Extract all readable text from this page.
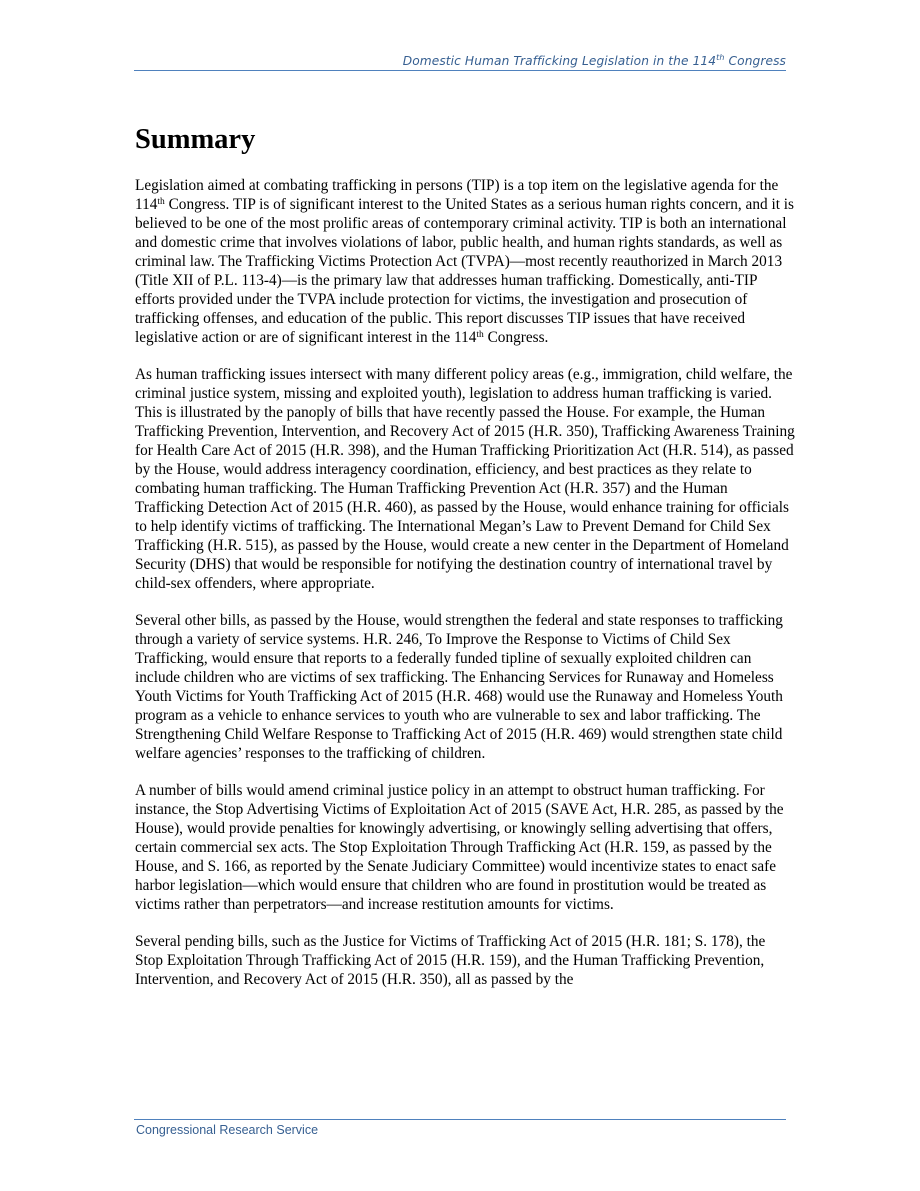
Domestic Human Trafficking Legislation in the 114th Congress
Summary

Legislation aimed at combating trafficking in persons (TIP) is a top item on the legislative agenda for the 114th Congress. TIP is of significant interest to the United States as a serious human rights concern, and it is believed to be one of the most prolific areas of contemporary criminal activity. TIP is both an international and domestic crime that involves violations of labor, public health, and human rights standards, as well as criminal law. The Trafficking Victims Protection Act (TVPA)—most recently reauthorized in March 2013 (Title XII of P.L. 113-4)—is the primary law that addresses human trafficking. Domestically, anti-TIP efforts provided under the TVPA include protection for victims, the investigation and prosecution of trafficking offenses, and education of the public. This report discusses TIP issues that have received legislative action or are of significant interest in the 114th Congress.

As human trafficking issues intersect with many different policy areas (e.g., immigration, child welfare, the criminal justice system, missing and exploited youth), legislation to address human trafficking is varied. This is illustrated by the panoply of bills that have recently passed the House. For example, the Human Trafficking Prevention, Intervention, and Recovery Act of 2015 (H.R. 350), Trafficking Awareness Training for Health Care Act of 2015 (H.R. 398), and the Human Trafficking Prioritization Act (H.R. 514), as passed by the House, would address interagency coordination, efficiency, and best practices as they relate to combating human trafficking. The Human Trafficking Prevention Act (H.R. 357) and the Human Trafficking Detection Act of 2015 (H.R. 460), as passed by the House, would enhance training for officials to help identify victims of trafficking. The International Megan’s Law to Prevent Demand for Child Sex Trafficking (H.R. 515), as passed by the House, would create a new center in the Department of Homeland Security (DHS) that would be responsible for notifying the destination country of international travel by child-sex offenders, where appropriate.

Several other bills, as passed by the House, would strengthen the federal and state responses to trafficking through a variety of service systems. H.R. 246, To Improve the Response to Victims of Child Sex Trafficking, would ensure that reports to a federally funded tipline of sexually exploited children can include children who are victims of sex trafficking. The Enhancing Services for Runaway and Homeless Youth Victims for Youth Trafficking Act of 2015 (H.R. 468) would use the Runaway and Homeless Youth program as a vehicle to enhance services to youth who are vulnerable to sex and labor trafficking. The Strengthening Child Welfare Response to Trafficking Act of 2015 (H.R. 469) would strengthen state child welfare agencies’ responses to the trafficking of children.

A number of bills would amend criminal justice policy in an attempt to obstruct human trafficking. For instance, the Stop Advertising Victims of Exploitation Act of 2015 (SAVE Act, H.R. 285, as passed by the House), would provide penalties for knowingly advertising, or knowingly selling advertising that offers, certain commercial sex acts. The Stop Exploitation Through Trafficking Act (H.R. 159, as passed by the House, and S. 166, as reported by the Senate Judiciary Committee) would incentivize states to enact safe harbor legislation—which would ensure that children who are found in prostitution would be treated as victims rather than perpetrators—and increase restitution amounts for victims.

Several pending bills, such as the Justice for Victims of Trafficking Act of 2015 (H.R. 181; S. 178), the Stop Exploitation Through Trafficking Act of 2015 (H.R. 159), and the Human Trafficking Prevention, Intervention, and Recovery Act of 2015 (H.R. 350), all as passed by the

Congressional Research Service
